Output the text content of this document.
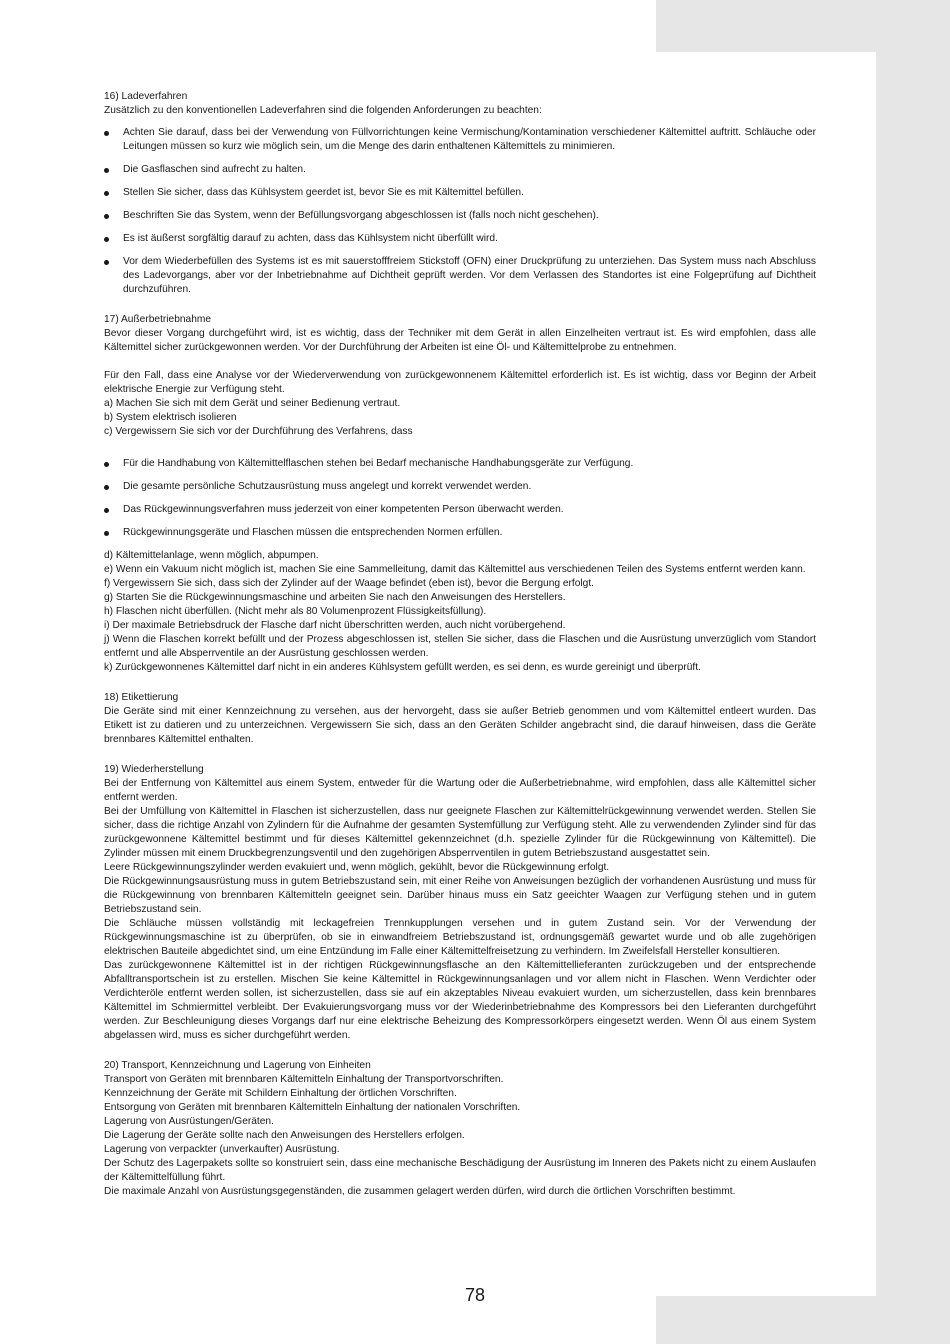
16) Ladeverfahren

Zusätzlich zu den konventionellen Ladeverfahren sind die folgenden Anforderungen zu beachten:

Achten Sie darauf, dass bei der Verwendung von Füllvorrichtungen keine Vermischung/Kontamination verschiedener Kältemittel auftritt. Schläuche oder Leitungen müssen so kurz wie möglich sein, um die Menge des darin enthaltenen Kältemittels zu minimieren.
Die Gasflaschen sind aufrecht zu halten.
Stellen Sie sicher, dass das Kühlsystem geerdet ist, bevor Sie es mit Kältemittel befüllen.
Beschriften Sie das System, wenn der Befüllungsvorgang abgeschlossen ist (falls noch nicht geschehen).
Es ist äußerst sorgfältig darauf zu achten, dass das Kühlsystem nicht überfüllt wird.
Vor dem Wiederbefüllen des Systems ist es mit sauerstofffreiem Stickstoff (OFN) einer Druckprüfung zu unterziehen. Das System muss nach Abschluss des Ladevorgangs, aber vor der Inbetriebnahme auf Dichtheit geprüft werden. Vor dem Verlassen des Standortes ist eine Folgeprüfung auf Dichtheit durchzuführen.

17) Außerbetriebnahme

Bevor dieser Vorgang durchgeführt wird, ist es wichtig, dass der Techniker mit dem Gerät in allen Einzelheiten vertraut ist. Es wird empfohlen, dass alle Kältemittel sicher zurückgewonnen werden. Vor der Durchführung der Arbeiten ist eine Öl- und Kältemittelprobe zu entnehmen.

Für den Fall, dass eine Analyse vor der Wiederverwendung von zurückgewonnenem Kältemittel erforderlich ist. Es ist wichtig, dass vor Beginn der Arbeit elektrische Energie zur Verfügung steht.

a) Machen Sie sich mit dem Gerät und seiner Bedienung vertraut.

b) System elektrisch isolieren

c) Vergewissern Sie sich vor der Durchführung des Verfahrens, dass

Für die Handhabung von Kältemittelflaschen stehen bei Bedarf mechanische Handhabungsgeräte zur Verfügung.
Die gesamte persönliche Schutzausrüstung muss angelegt und korrekt verwendet werden.
Das Rückgewinnungsverfahren muss jederzeit von einer kompetenten Person überwacht werden.
Rückgewinnungsgeräte und Flaschen müssen die entsprechenden Normen erfüllen.

d) Kältemittelanlage, wenn möglich, abpumpen.

e) Wenn ein Vakuum nicht möglich ist, machen Sie eine Sammelleitung, damit das Kältemittel aus verschiedenen Teilen des Systems entfernt werden kann.

f) Vergewissern Sie sich, dass sich der Zylinder auf der Waage befindet (eben ist), bevor die Bergung erfolgt.

g) Starten Sie die Rückgewinnungsmaschine und arbeiten Sie nach den Anweisungen des Herstellers.

h) Flaschen nicht überfüllen. (Nicht mehr als 80 Volumenprozent Flüssigkeitsfüllung).

i) Der maximale Betriebsdruck der Flasche darf nicht überschritten werden, auch nicht vorübergehend.

j) Wenn die Flaschen korrekt befüllt und der Prozess abgeschlossen ist, stellen Sie sicher, dass die Flaschen und die Ausrüstung unverzüglich vom Standort entfernt und alle Absperrventile an der Ausrüstung geschlossen werden.

k) Zurückgewonnenes Kältemittel darf nicht in ein anderes Kühlsystem gefüllt werden, es sei denn, es wurde gereinigt und überprüft.

18) Etikettierung

Die Geräte sind mit einer Kennzeichnung zu versehen, aus der hervorgeht, dass sie außer Betrieb genommen und vom Kältemittel entleert wurden. Das Etikett ist zu datieren und zu unterzeichnen. Vergewissern Sie sich, dass an den Geräten Schilder angebracht sind, die darauf hinweisen, dass die Geräte brennbares Kältemittel enthalten.

19) Wiederherstellung

Bei der Entfernung von Kältemittel aus einem System, entweder für die Wartung oder die Außerbetriebnahme, wird empfohlen, dass alle Kältemittel sicher entfernt werden.

Bei der Umfüllung von Kältemittel in Flaschen ist sicherzustellen, dass nur geeignete Flaschen zur Kältemittelrückgewinnung verwendet werden. Stellen Sie sicher, dass die richtige Anzahl von Zylindern für die Aufnahme der gesamten Systemfüllung zur Verfügung steht. Alle zu verwendenden Zylinder sind für das zurückgewonnene Kältemittel bestimmt und für dieses Kältemittel gekennzeichnet (d.h. spezielle Zylinder für die Rückgewinnung von Kältemittel). Die Zylinder müssen mit einem Druckbegrenzungsventil und den zugehörigen Absperrventilen in gutem Betriebszustand ausgestattet sein.

Leere Rückgewinnungszylinder werden evakuiert und, wenn möglich, gekühlt, bevor die Rückgewinnung erfolgt.

Die Rückgewinnungsausrüstung muss in gutem Betriebszustand sein, mit einer Reihe von Anweisungen bezüglich der vorhandenen Ausrüstung und muss für die Rückgewinnung von brennbaren Kältemitteln geeignet sein. Darüber hinaus muss ein Satz geeichter Waagen zur Verfügung stehen und in gutem Betriebszustand sein.

Die Schläuche müssen vollständig mit leckagefreien Trennkupplungen versehen und in gutem Zustand sein. Vor der Verwendung der Rückgewinnungsmaschine ist zu überprüfen, ob sie in einwandfreiem Betriebszustand ist, ordnungsgemäß gewartet wurde und ob alle zugehörigen elektrischen Bauteile abgedichtet sind, um eine Entzündung im Falle einer Kältemittelfreisetzung zu verhindern. Im Zweifelsfall Hersteller konsultieren.

Das zurückgewonnene Kältemittel ist in der richtigen Rückgewinnungsflasche an den Kältemittellieferanten zurückzugeben und der entsprechende Abfalltransportschein ist zu erstellen. Mischen Sie keine Kältemittel in Rückgewinnungsanlagen und vor allem nicht in Flaschen. Wenn Verdichter oder Verdichteröle entfernt werden sollen, ist sicherzustellen, dass sie auf ein akzeptables Niveau evakuiert wurden, um sicherzustellen, dass kein brennbares Kältemittel im Schmiermittel verbleibt. Der Evakuierungsvorgang muss vor der Wiederinbetriebnahme des Kompressors bei den Lieferanten durchgeführt werden. Zur Beschleunigung dieses Vorgangs darf nur eine elektrische Beheizung des Kompressorkörpers eingesetzt werden. Wenn Öl aus einem System abgelassen wird, muss es sicher durchgeführt werden.

20) Transport, Kennzeichnung und Lagerung von Einheiten

Transport von Geräten mit brennbaren Kältemitteln Einhaltung der Transportvorschriften.

Kennzeichnung der Geräte mit Schildern Einhaltung der örtlichen Vorschriften.

Entsorgung von Geräten mit brennbaren Kältemitteln Einhaltung der nationalen Vorschriften.

Lagerung von Ausrüstungen/Geräten.

Die Lagerung der Geräte sollte nach den Anweisungen des Herstellers erfolgen.

Lagerung von verpackter (unverkaufter) Ausrüstung.

Der Schutz des Lagerpakets sollte so konstruiert sein, dass eine mechanische Beschädigung der Ausrüstung im Inneren des Pakets nicht zu einem Auslaufen der Kältemittelfüllung führt.

Die maximale Anzahl von Ausrüstungsgegenständen, die zusammen gelagert werden dürfen, wird durch die örtlichen Vorschriften bestimmt.

78
